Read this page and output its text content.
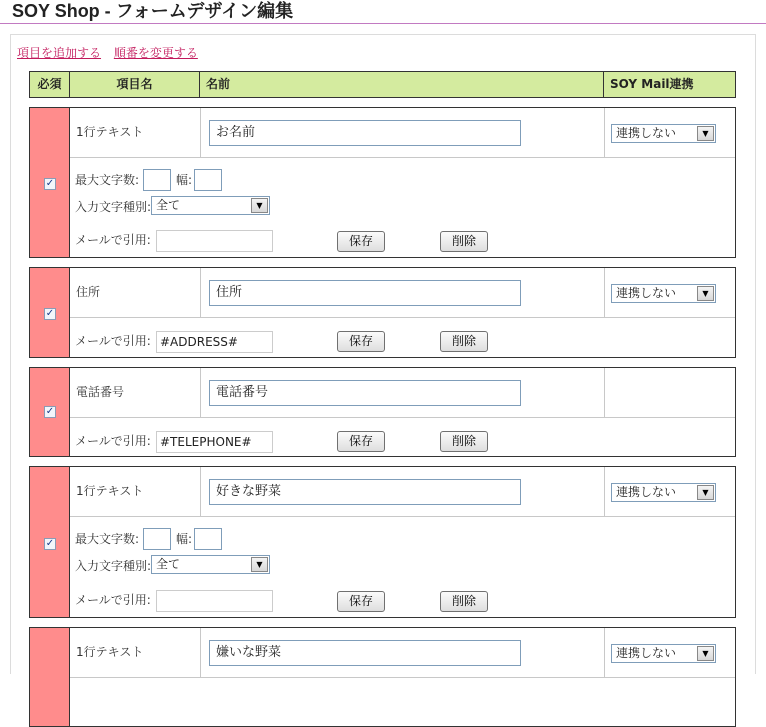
SOY Shop - フォームデザイン編集
項目を追加する 順番を変更する
必須	項目名	名前	SOY Mail連携
✓
1行テキスト	お名前	連携しない	▼
最大文字数:	幅:
入力文字種別: 全て	▼
メールで引用:	保存	削除
✓
住所	住所	連携しない	▼
メールで引用: #ADDRESS#	保存	削除
✓
電話番号	電話番号
メールで引用: #TELEPHONE#	保存	削除
✓
1行テキスト	好きな野菜	連携しない	▼
最大文字数:	幅:
入力文字種別: 全て	▼
メールで引用:	保存	削除
1行テキスト	嫌いな野菜	連携しない	▼
